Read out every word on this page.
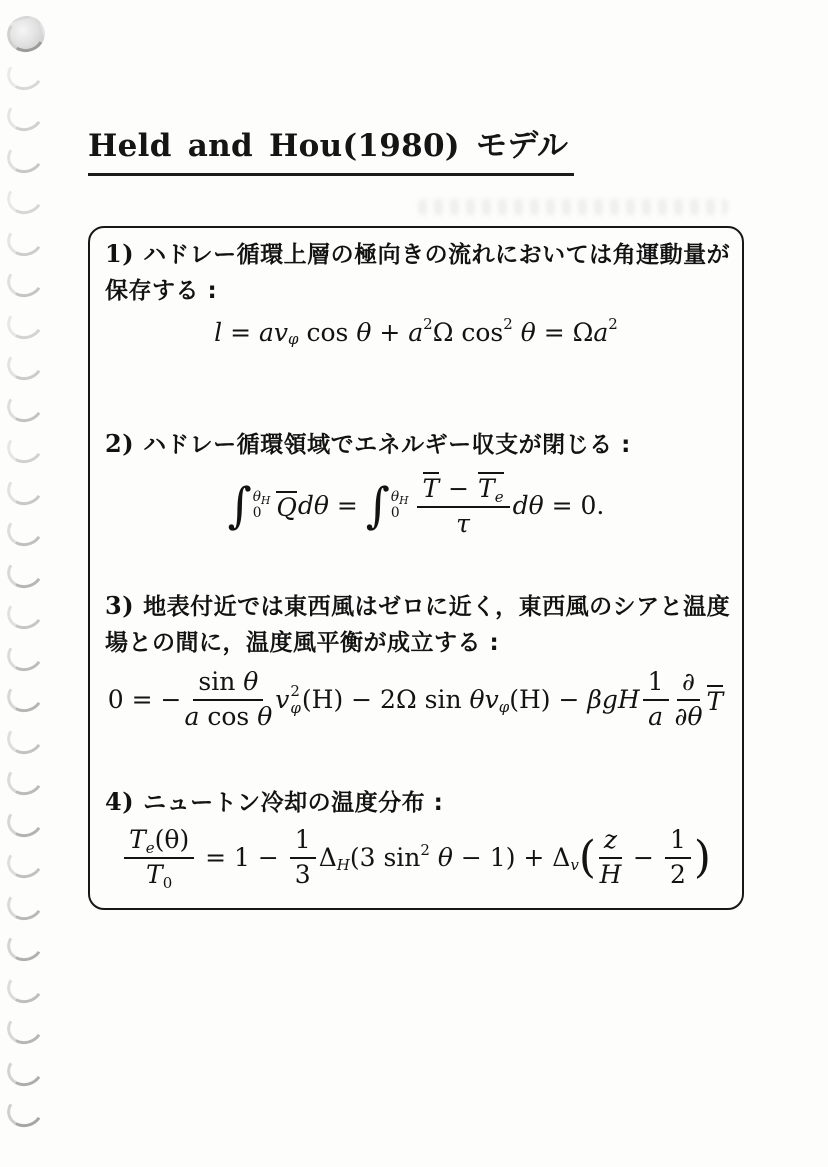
Held and Hou(1980) モデル
1) ハドレー循環上層の極向きの流れにおいては角運動量が
保存する :
l = av φ cos θ + a 2 Ω cos 2 θ = Ω a 2
2) ハドレー循環領域でエネルギー収支が閉じる :
∫ θH
0 Q dθ = ∫ θH
$0 \frac{T - T_e}{\tau}$ dθ = 0.
3) 地表付近では東西風はゼロに近く，東西風のシアと温度
場との間に，温度風平衡が成立する :
0 = − $\frac{\text{sin θ}}{\text{a cos θ}}$ v 2
φ (H) − 2Ω sin θ v φ (H) − βgH $\frac{1}{a} \frac{\partial}{\partial\theta}$ T
4) ニュートン冷却の温度分布 :
$\frac{\text{T e (θ)}}{T 0} = 1 - \frac{1}{3}$ Δ H (3 sin 2 θ − 1) + Δ v ( $\frac{z}{H} - \frac{1}{2}$ )
